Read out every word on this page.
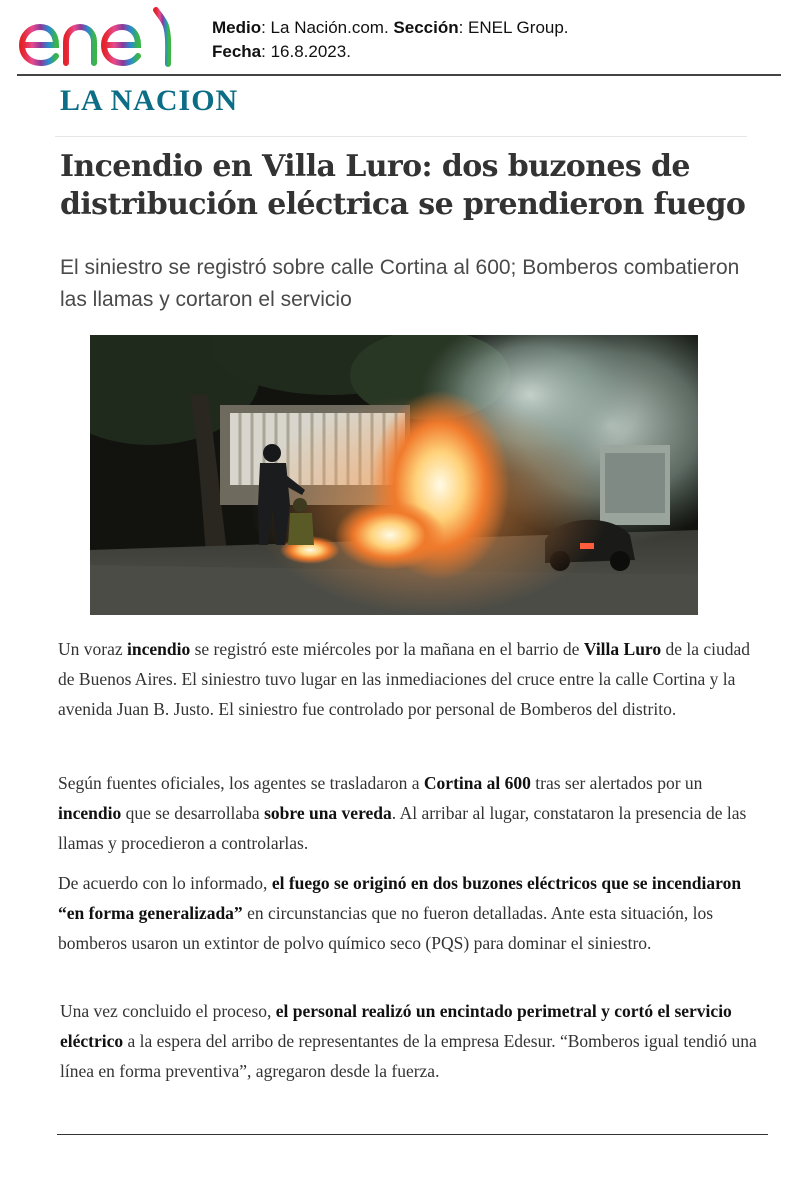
Medio: La Nación.com. Sección: ENEL Group.
Fecha: 16.8.2023.
LA NACION
Incendio en Villa Luro: dos buzones de distribución eléctrica se prendieron fuego
El siniestro se registró sobre calle Cortina al 600; Bomberos combatieron las llamas y cortaron el servicio
Un voraz incendio se registró este miércoles por la mañana en el barrio de Villa Luro de la ciudad de Buenos Aires. El siniestro tuvo lugar en las inmediaciones del cruce entre la calle Cortina y la avenida Juan B. Justo. El siniestro fue controlado por personal de Bomberos del distrito.
Según fuentes oficiales, los agentes se trasladaron a Cortina al 600 tras ser alertados por un incendio que se desarrollaba sobre una vereda. Al arribar al lugar, constataron la presencia de las llamas y procedieron a controlarlas.
De acuerdo con lo informado, el fuego se originó en dos buzones eléctricos que se incendiaron “en forma generalizada” en circunstancias que no fueron detalladas. Ante esta situación, los bomberos usaron un extintor de polvo químico seco (PQS) para dominar el siniestro.
Una vez concluido el proceso, el personal realizó un encintado perimetral y cortó el servicio eléctrico a la espera del arribo de representantes de la empresa Edesur. “Bomberos igual tendió una línea en forma preventiva”, agregaron desde la fuerza.
